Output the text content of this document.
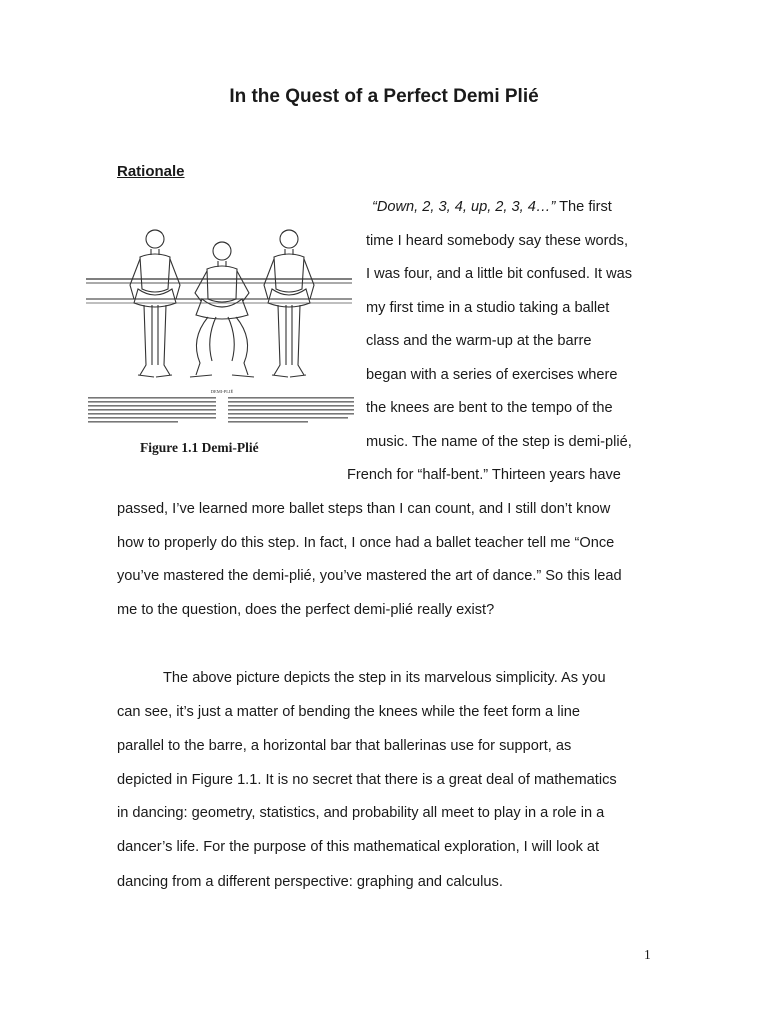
In the Quest of a Perfect Demi Plié
Rationale
DEMI-PLIÉ
Figure 1.1 Demi-Plié
“Down, 2, 3, 4, up, 2, 3, 4…” The first
time I heard somebody say these words,
I was four, and a little bit confused. It was
my first time in a studio taking a ballet
class and the warm-up at the barre
began with a series of exercises where
the knees are bent to the tempo of the
music. The name of the step is demi-plié,
French for “half-bent.” Thirteen years have
passed, I’ve learned more ballet steps than I can count, and I still don’t know
how to properly do this step. In fact, I once had a ballet teacher tell me “Once
you’ve mastered the demi-plié, you’ve mastered the art of dance.” So this lead
me to the question, does the perfect demi-plié really exist?
The above picture depicts the step in its marvelous simplicity. As you
can see, it’s just a matter of bending the knees while the feet form a line
parallel to the barre, a horizontal bar that ballerinas use for support, as
depicted in Figure 1.1. It is no secret that there is a great deal of mathematics
in dancing: geometry, statistics, and probability all meet to play in a role in a
dancer’s life. For the purpose of this mathematical exploration, I will look at
dancing from a different perspective: graphing and calculus.
1
